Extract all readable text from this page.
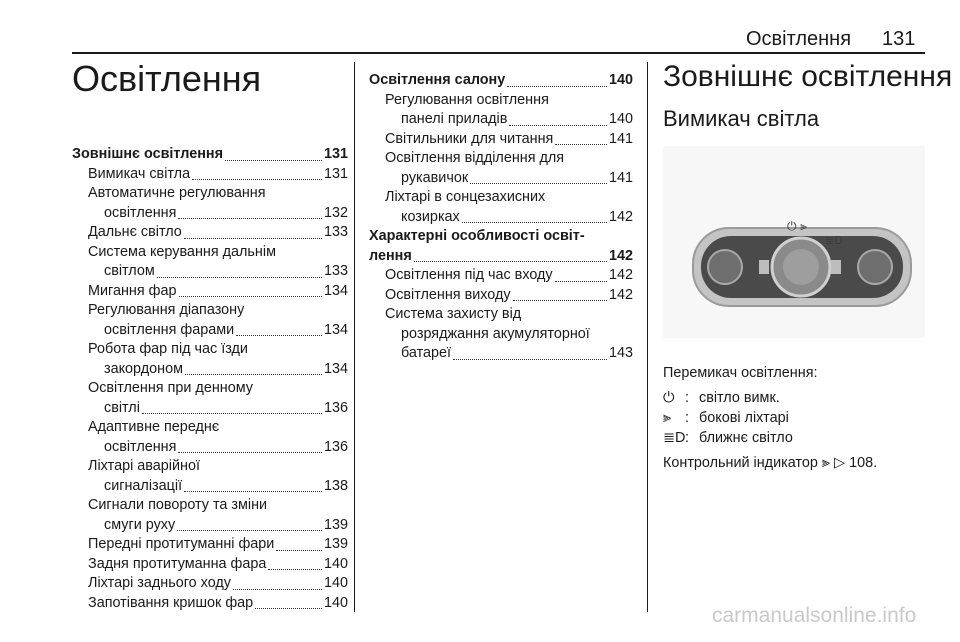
Освітлення 131
Освітлення
Зовнішнє освітлення	131
Вимикач світла	131
Автоматичне регулювання
освітлення	132
Дальнє світло	133
Система керування дальнім
світлом	133
Мигання фар	134
Регулювання діапазону
освітлення фарами	134
Робота фар під час їзди
закордоном	134
Освітлення при денному
світлі	136
Адаптивне переднє
освітлення	136
Ліхтарі аварійної
сигналізації	138
Сигнали повороту та зміни
смуги руху	139
Передні протитуманні фари	139
Задня протитуманна фара	140
Ліхтарі заднього ходу	140
Запотівання кришок фар	140
Освітлення салону	140
Регулювання освітлення
панелі приладів	140
Світильники для читання	141
Освітлення відділення для
рукавичок	141
Ліхтарі в сонцезахисних
козирках	142
Характерні особливості освіт-
лення	142
Освітлення під час входу	142
Освітлення виходу	142
Система захисту від
розряджання акумуляторної
батареї	143
Зовнішнє освітлення
Вимикач світла
⏻ ⫸
≣D
Перемикач освітлення:
⏻ : світло вимк.
⫸ : бокові ліхтарі
≣D : ближнє світло
Контрольний індикатор ⫸ ▷ 108.
carmanualsonline.info
